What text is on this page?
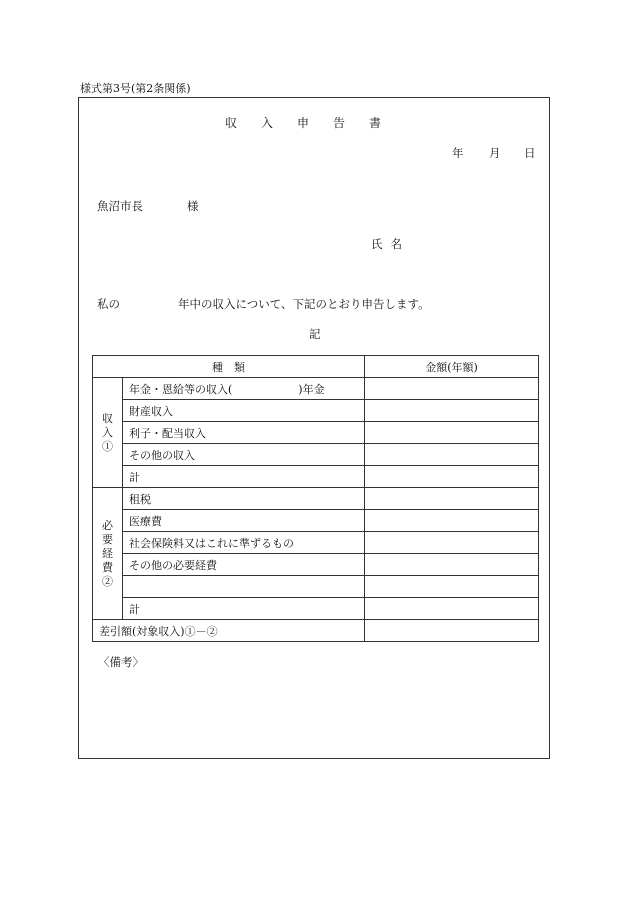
様式第3号(第2条関係)
収入申告書
年 月 日
魚沼市長	様
氏名
私の	年中の収入について、下記のとおり申告します。
記
種　類		金額(年額)
収入①	年金・恩給等の収入(　　　　　　)年金	
	財産収入	
	利子・配当収入	
	その他の収入	
	計	
必要経費②	租税	
	医療費	
	社会保険料又はこれに準ずるもの	
	その他の必要経費	

	計	
差引額(対象収入)①－②		
〈備考〉
